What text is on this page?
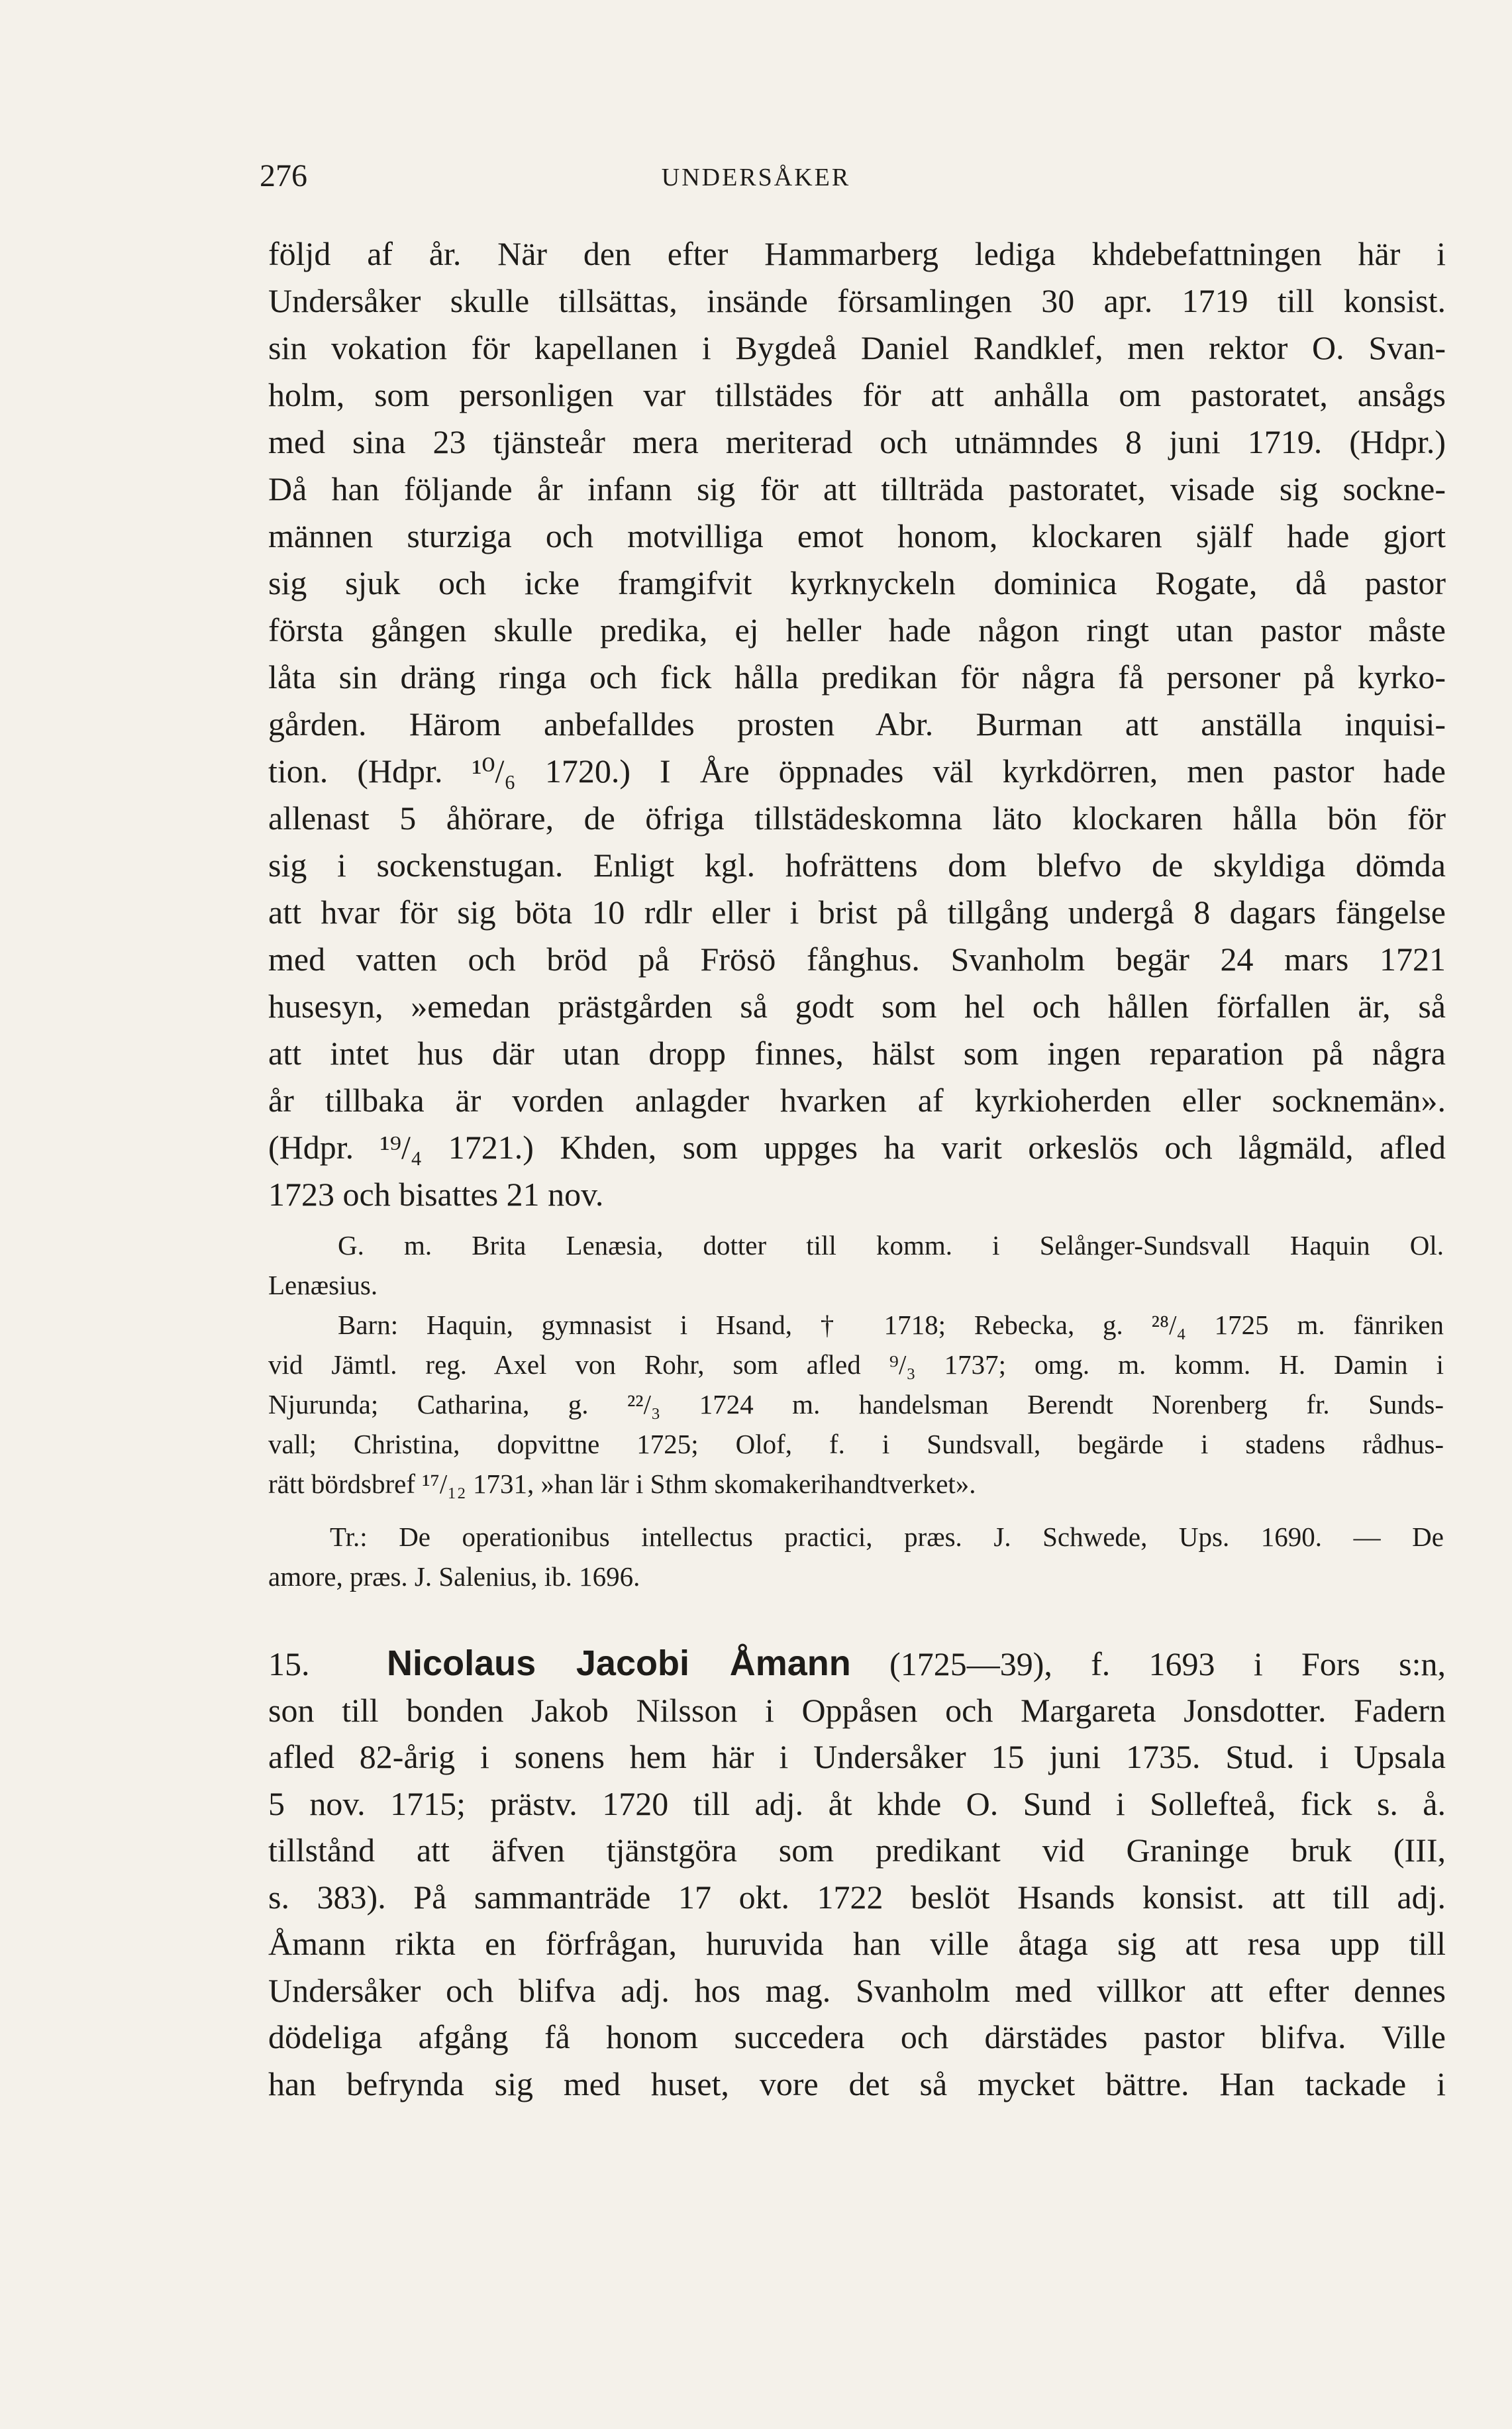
276	UNDERSÅKER
följd af år. När den efter Hammarberg lediga khdebefattningen här i
Undersåker skulle tillsättas, insände församlingen 30 apr. 1719 till konsist.
sin vokation för kapellanen i Bygdeå Daniel Randklef, men rektor O. Svan-
holm, som personligen var tillstädes för att anhålla om pastoratet, ansågs
med sina 23 tjänsteår mera meriterad och utnämndes 8 juni 1719. (Hdpr.)
Då han följande år infann sig för att tillträda pastoratet, visade sig sockne-
männen sturziga och motvilliga emot honom, klockaren själf hade gjort
sig sjuk och icke framgifvit kyrknyckeln dominica Rogate, då pastor
första gången skulle predika, ej heller hade någon ringt utan pastor måste
låta sin dräng ringa och fick hålla predikan för några få personer på kyrko-
gården. Härom anbefalldes prosten Abr. Burman att anställa inquisi-
tion. (Hdpr. ¹⁰/₆ 1720.) I Åre öppnades väl kyrkdörren, men pastor hade
allenast 5 åhörare, de öfriga tillstädeskomna läto klockaren hålla bön för
sig i sockenstugan. Enligt kgl. hofrättens dom blefvo de skyldiga dömda
att hvar för sig böta 10 rdlr eller i brist på tillgång undergå 8 dagars fängelse
med vatten och bröd på Frösö fånghus. Svanholm begär 24 mars 1721
husesyn, »emedan prästgården så godt som hel och hållen förfallen är, så
att intet hus där utan dropp finnes, hälst som ingen reparation på några
år tillbaka är vorden anlagder hvarken af kyrkioherden eller socknemän».
(Hdpr. ¹⁹/₄ 1721.) Khden, som uppges ha varit orkeslös och lågmäld, afled
1723 och bisattes 21 nov.
G. m. Brita Lenæsia, dotter till komm. i Selånger-Sundsvall Haquin Ol.
Lenæsius.
Barn: Haquin, gymnasist i Hsand, † 1718; Rebecka, g. ²⁸/₄ 1725 m. fänriken
vid Jämtl. reg. Axel von Rohr, som afled ⁹/₃ 1737; omg. m. komm. H. Damin i
Njurunda; Catharina, g. ²²/₃ 1724 m. handelsman Berendt Norenberg fr. Sunds-
vall; Christina, dopvittne 1725; Olof, f. i Sundsvall, begärde i stadens rådhus-
rätt bördsbref ¹⁷/₁₂ 1731, »han lär i Sthm skomakerihandtverket».
Tr.: De operationibus intellectus practici, præs. J. Schwede, Ups. 1690. — De
amore, præs. J. Salenius, ib. 1696.
15. Nicolaus Jacobi Åmann (1725—39), f. 1693 i Fors s:n,
son till bonden Jakob Nilsson i Oppåsen och Margareta Jonsdotter. Fadern
afled 82-årig i sonens hem här i Undersåker 15 juni 1735. Stud. i Upsala
5 nov. 1715; prästv. 1720 till adj. åt khde O. Sund i Sollefteå, fick s. å.
tillstånd att äfven tjänstgöra som predikant vid Graninge bruk (III,
s. 383). På sammanträde 17 okt. 1722 beslöt Hsands konsist. att till adj.
Åmann rikta en förfrågan, huruvida han ville åtaga sig att resa upp till
Undersåker och blifva adj. hos mag. Svanholm med villkor att efter dennes
dödeliga afgång få honom succedera och därstädes pastor blifva. Ville
han befrynda sig med huset, vore det så mycket bättre. Han tackade i
